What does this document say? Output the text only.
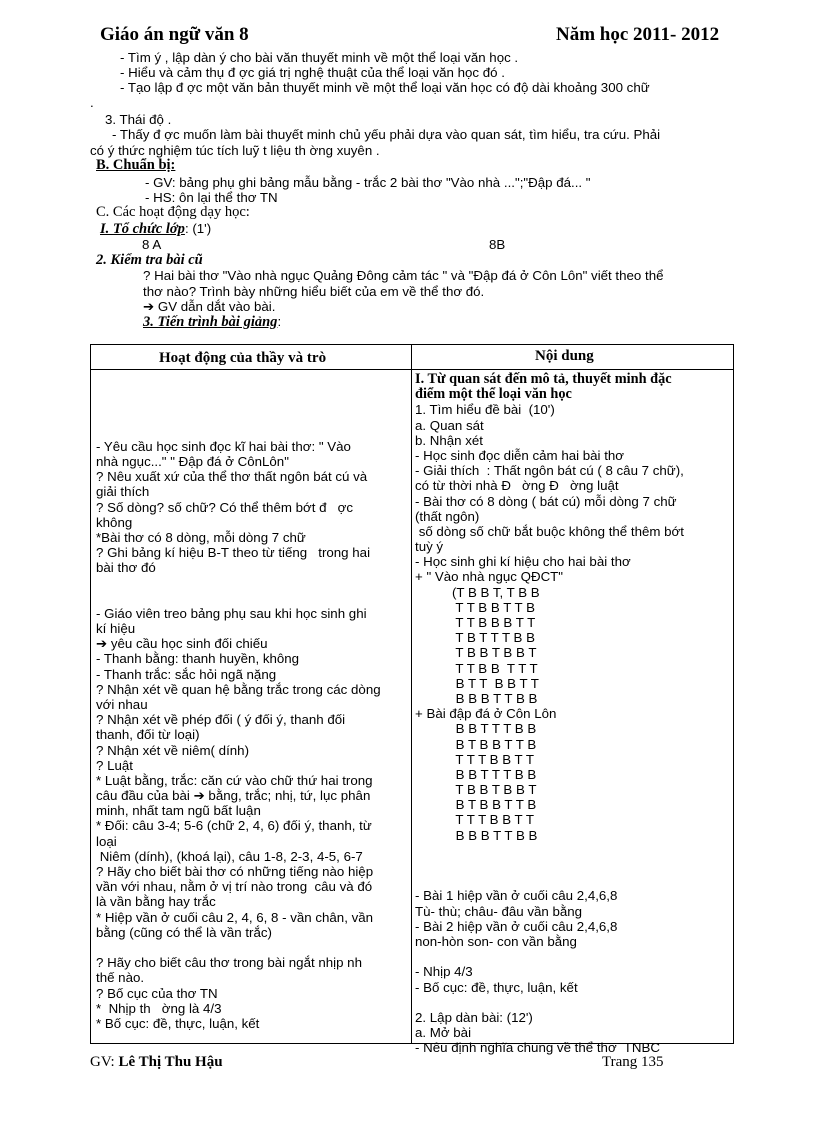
Giáo án ngữ văn 8	Năm học 2011- 2012
- Tìm ý , lập dàn ý cho bài văn thuyết minh về một thể loại văn học .
- Hiểu và cảm thụ đ ợc giá trị nghệ thuật của thể loại văn học đó .
- Tạo lập đ ợc một văn bản thuyết minh về một thể loại văn học có độ dài khoảng 300 chữ
.
3. Thái độ .
- Thấy đ ợc muốn làm bài thuyết minh chủ yếu phải dựa vào quan sát, tìm hiểu, tra cứu. Phải
có ý thức nghiệm túc tích luỹ t liệu th ờng xuyên .
B. Chuẩn bị:
- GV: bảng phụ ghi bảng mẫu bằng - trắc 2 bài thơ "Vào nhà ...";"Đập đá... "
- HS: ôn lại thể thơ TN
C. Các hoạt động dạy học:
I. Tổ chức lớp: (1')
8 A	8B
2. Kiểm tra bài cũ
? Hai bài thơ "Vào nhà ngục Quảng Đông cảm tác " và "Đập đá ở Côn Lôn" viết theo thể
thơ nào? Trình bày những hiểu biết của em về thể thơ đó.
➔ GV dẫn dắt vào bài.
3. Tiến trình bài giảng:
Hoạt động của thầy và trò	Nội dung
- Yêu cầu học sinh đọc kĩ hai bài thơ: " Vào
nhà ngục..." " Đập đá ở CônLôn"
? Nêu xuất xứ của thể thơ thất ngôn bát cú và
giải thích
? Số dòng? số chữ? Có thể thêm bớt đ   ợc
không
*Bài thơ có 8 dòng, mỗi dòng 7 chữ
? Ghi bảng kí hiệu B-T theo từ tiếng   trong hai
bài thơ đó
- Giáo viên treo bảng phụ sau khi học sinh ghi
kí hiệu
➔ yêu cầu học sinh đối chiếu
- Thanh bằng: thanh huyền, không
- Thanh trắc: sắc hỏi ngã nặng
? Nhận xét về quan hệ bằng trắc trong các dòng
với nhau
? Nhận xét về phép đối ( ý đối ý, thanh đối
thanh, đối từ loại)
? Nhận xét về niêm( dính)
? Luật
* Luật bằng, trắc: căn cứ vào chữ thứ hai trong
câu đầu của bài ➔ bằng, trắc; nhị, tứ, lục phân
minh, nhất tam ngũ bất luận
* Đối: câu 3-4; 5-6 (chữ 2, 4, 6) đối ý, thanh, từ
loại
Niêm (dính), (khoá lại), câu 1-8, 2-3, 4-5, 6-7
? Hãy cho biết bài thơ có những tiếng nào hiệp
vần với nhau, nằm ở vị trí nào trong  câu và đó
là vần bằng hay trắc
* Hiệp vần ở cuối câu 2, 4, 6, 8 - vần chân, vần
bằng (cũng có thể là vần trắc)
? Hãy cho biết câu thơ trong bài ngắt nhịp nh
thế nào.
? Bố cục của thơ TN
*  Nhịp th   ờng là 4/3
* Bố cục: đề, thực, luận, kết
I. Từ quan sát đến mô tả, thuyết minh đặc
điểm một thể loại văn học
1. Tìm hiểu đề bài  (10')
a. Quan sát
b. Nhận xét
- Học sinh đọc diễn cảm hai bài thơ
- Giải thích  : Thất ngôn bát cú ( 8 câu 7 chữ),
có từ thời nhà Đ   ờng Đ   ờng luật
- Bài thơ có 8 dòng ( bát cú) mỗi dòng 7 chữ
(thất ngôn)
số dòng số chữ bắt buộc không thể thêm bớt
tuỳ ý
- Học sinh ghi kí hiệu cho hai bài thơ
+ " Vào nhà ngục QĐCT"
(T B B T, T B B
T T B B T T B
T T B B B T T
T B T T T B B
T B B T B B T
T T B B  T T T
B T T  B B T T
B B B T T B B
+ Bài đập đá ở Côn Lôn
B B T T T B B
B T B B T T B
T T T B B T T
B B T T T B B
T B B T B B T
B T B B T T B
T T T B B T T
B B B T T B B
- Bài 1 hiệp vần ở cuối câu 2,4,6,8
Tù- thù; châu- đâu vần bằng
- Bài 2 hiệp vần ở cuối câu 2,4,6,8
non-hòn son- con vần bằng
- Nhịp 4/3
- Bố cục: đề, thực, luận, kết
2. Lập dàn bài: (12')
a. Mở bài
- Nêu định nghĩa chung về thể thơ  TNBC
GV: Lê Thị Thu Hậu	Trang 135
